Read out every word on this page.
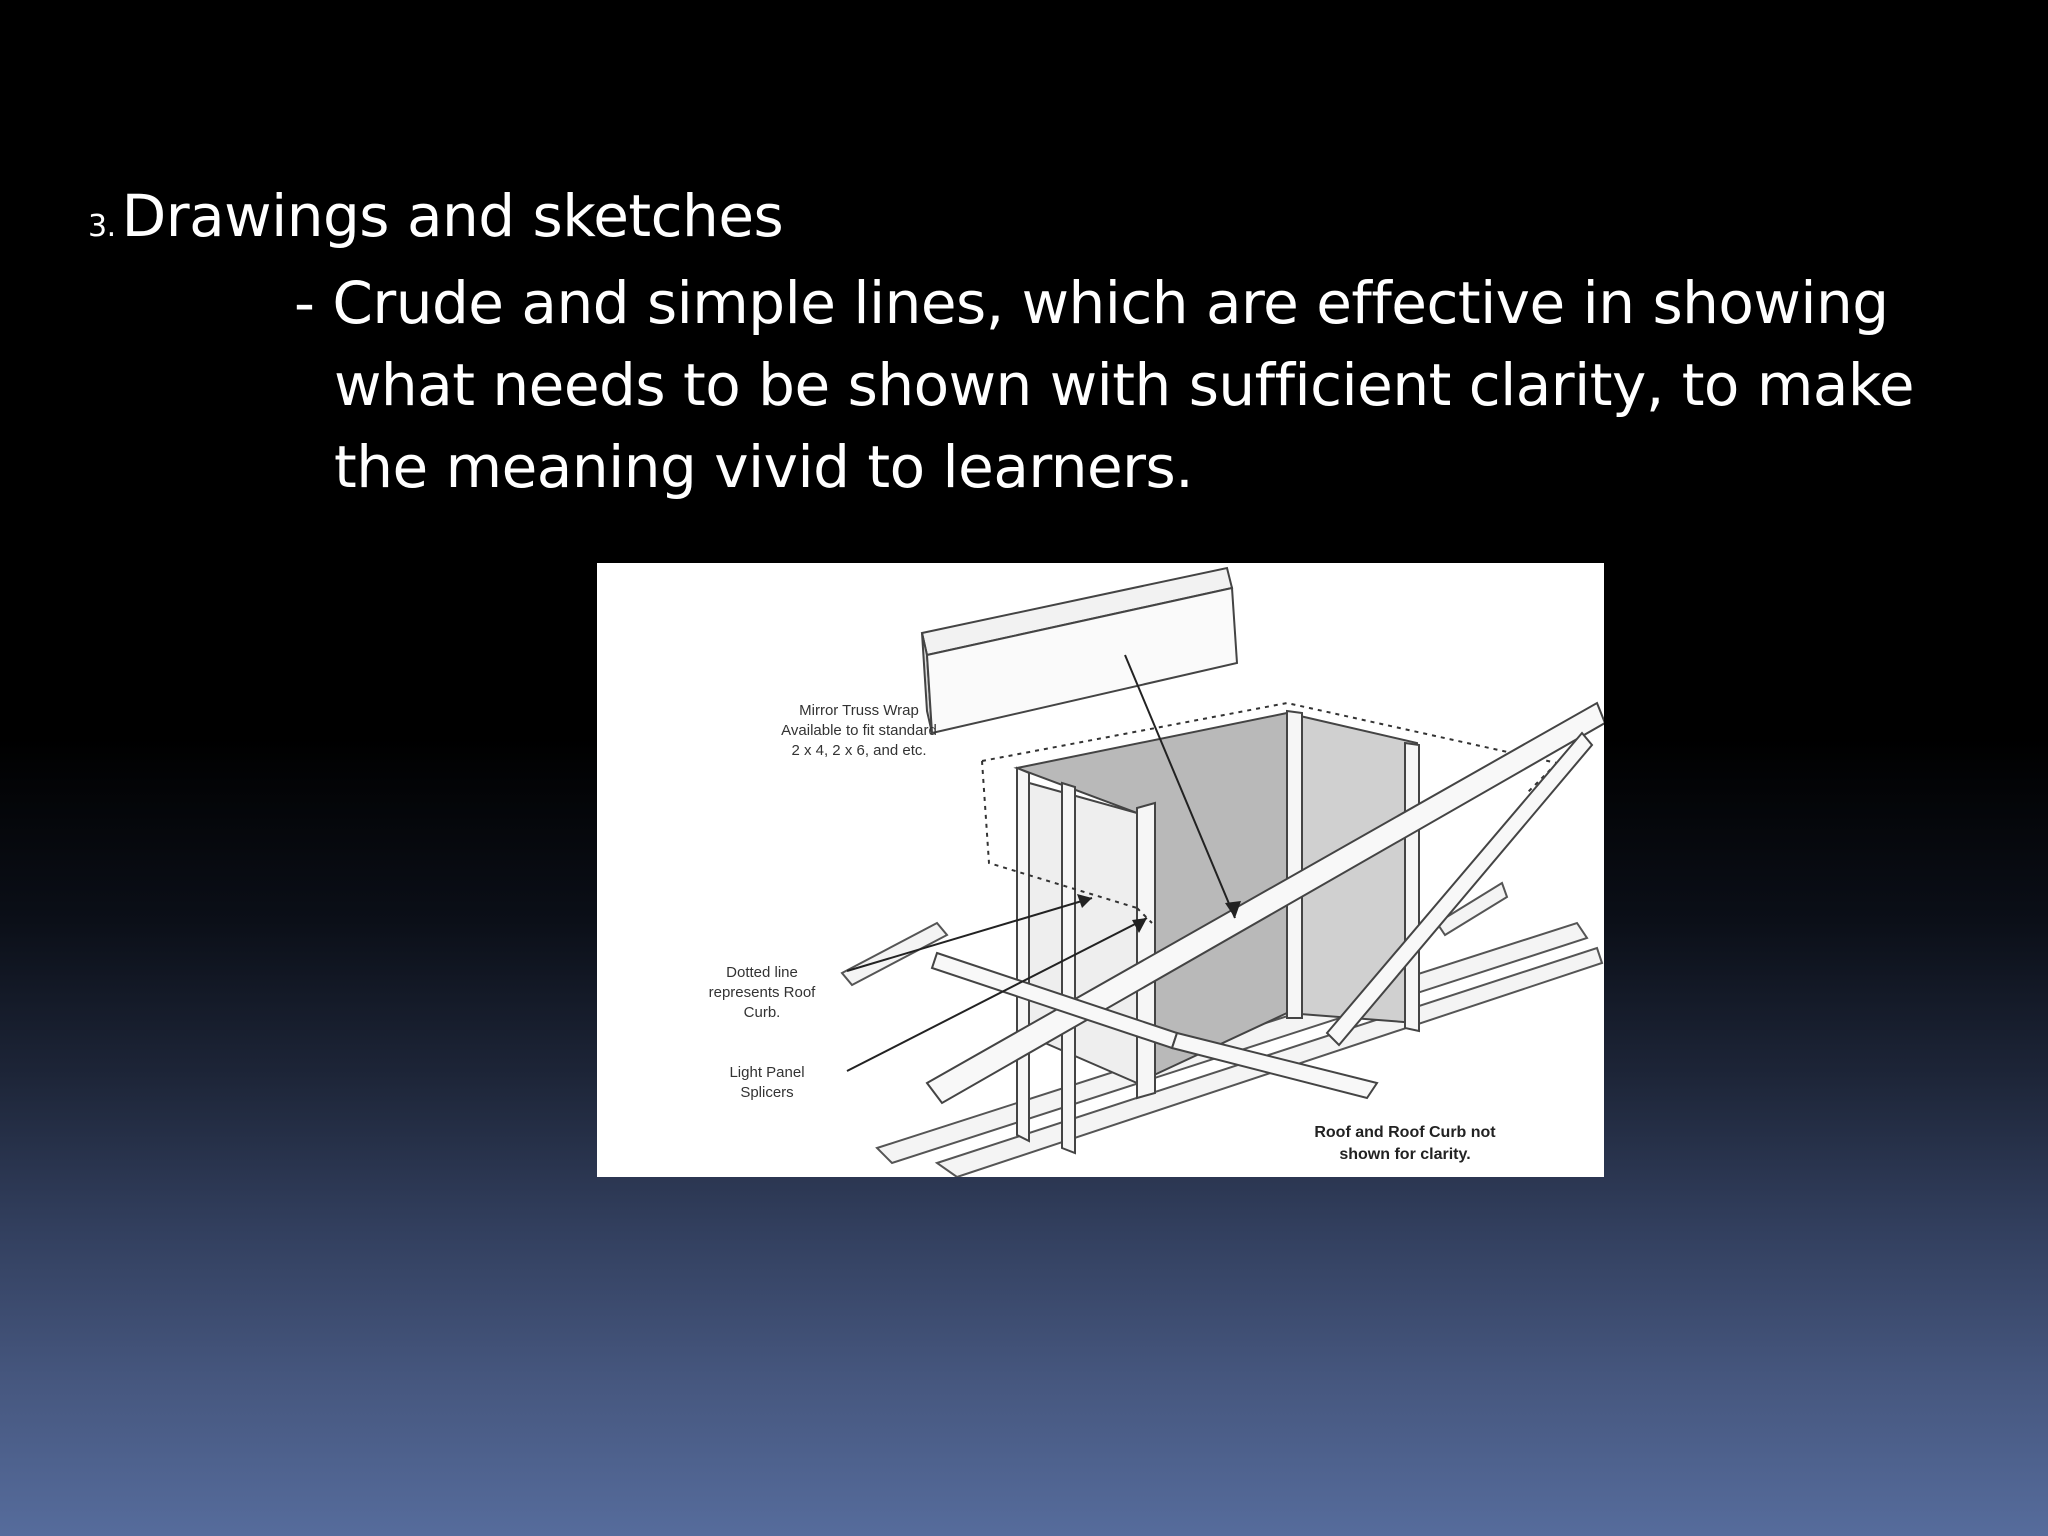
3. Drawings and sketches
- Crude and simple lines, which are effective in showing
what needs to be shown with sufficient clarity, to make
the meaning vivid to learners.
Mirror Truss Wrap
Available to fit standard
2 x 4, 2 x 6, and etc.
Dotted line
represents Roof
Curb.
Light Panel
Splicers
Roof and Roof Curb not
shown for clarity.
